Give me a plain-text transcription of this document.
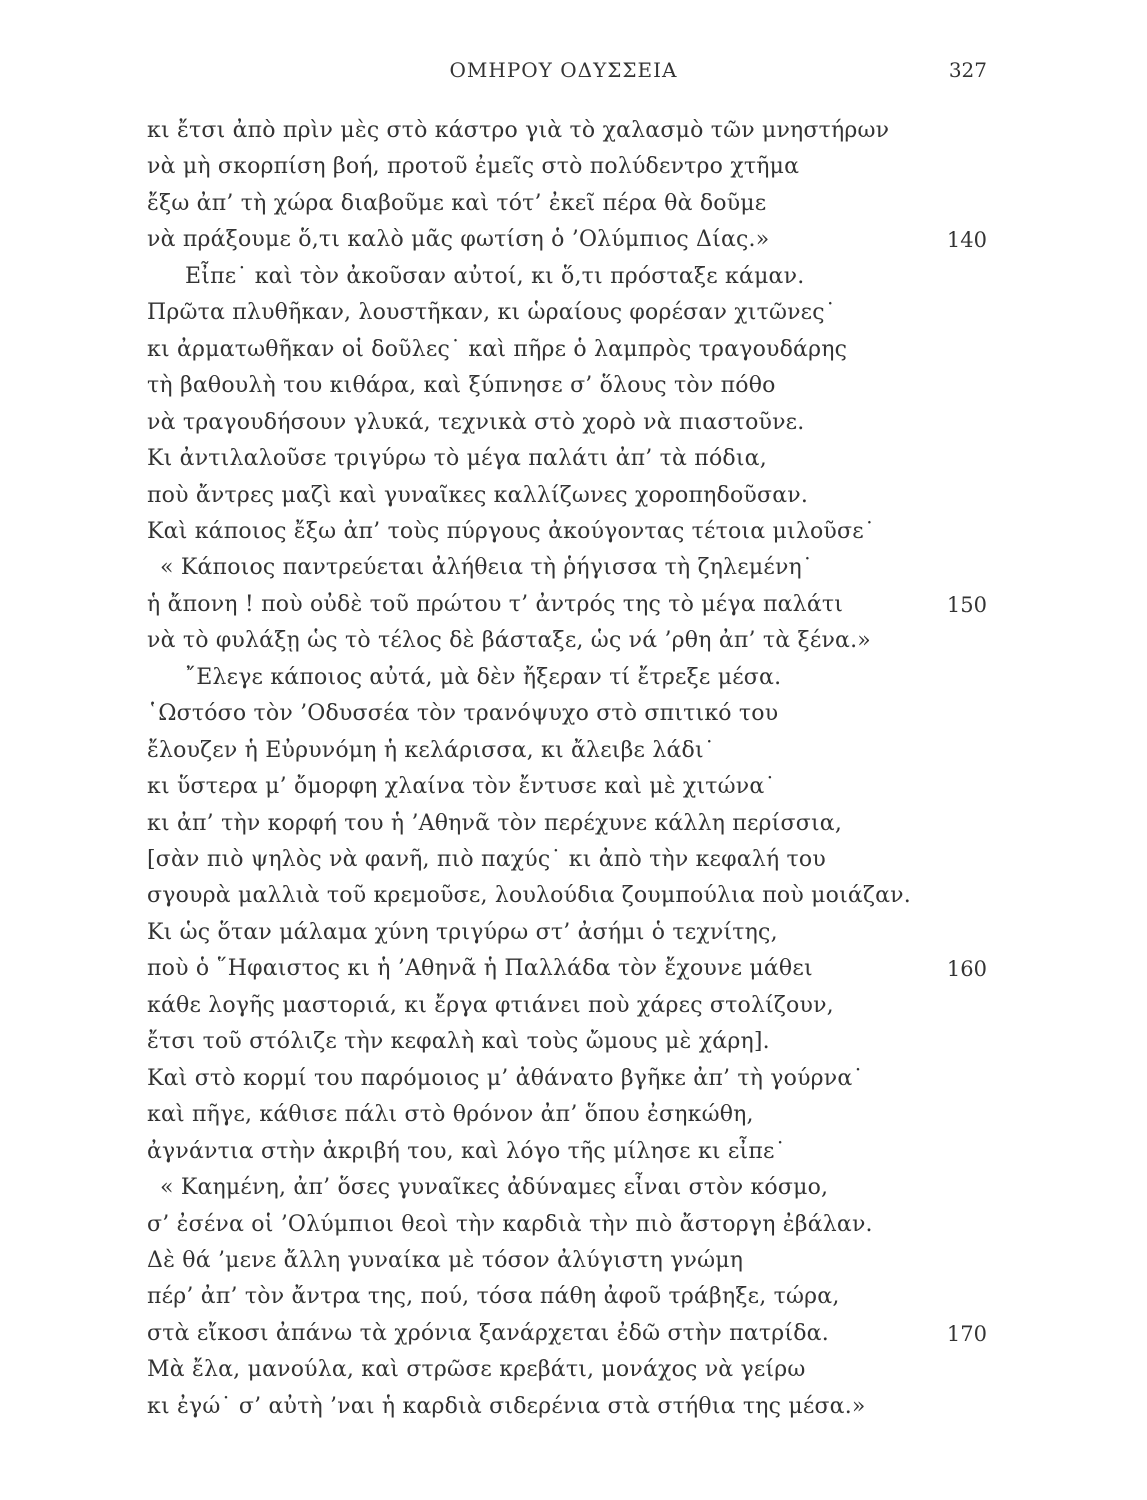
ΟΜΗΡΟΥ ΟΔΥΣΣΕΙΑ	327
κι ἔτσι ἀπὸ πρὶν μὲς στὸ κάστρο γιὰ τὸ χαλασμὸ τῶν μνηστήρων
νὰ μὴ σκορπίση βοή, προτοῦ ἐμεῖς στὸ πολύδεντρο χτῆμα
ἔξω ἀπ’ τὴ χώρα διαβοῦμε καὶ τότ’ ἐκεῖ πέρα θὰ δοῦμε
νὰ πράξουμε ὅ,τι καλὸ μᾶς φωτίση ὁ ’Ολύμπιος Δίας.»	140
Εἶπε˙ καὶ τὸν ἀκοῦσαν αὐτοί, κι ὅ,τι πρόσταξε κάμαν.
Πρῶτα πλυθῆκαν, λουστῆκαν, κι ὡραίους φορέσαν χιτῶνες˙
κι ἀρματωθῆκαν οἱ δοῦλες˙ καὶ πῆρε ὁ λαμπρὸς τραγουδάρης
τὴ βαθουλὴ του κιθάρα, καὶ ξύπνησε σ’ ὅλους τὸν πόθο
νὰ τραγουδήσουν γλυκά, τεχνικὰ στὸ χορὸ νὰ πιαστοῦνε.
Κι ἀντιλαλοῦσε τριγύρω τὸ μέγα παλάτι ἀπ’ τὰ πόδια,
ποὺ ἄντρες μαζὶ καὶ γυναῖκες καλλίζωνες χοροπηδοῦσαν.
Καὶ κάποιος ἔξω ἀπ’ τοὺς πύργους ἀκούγοντας τέτοια μιλοῦσε˙
« Κάποιος παντρεύεται ἀλήθεια τὴ ῥήγισσα τὴ ζηλεμένη˙
ἡ ἄπονη ! ποὺ οὐδὲ τοῦ πρώτου τ’ ἀντρός της τὸ μέγα παλάτι	150
νὰ τὸ φυλάξῃ ὡς τὸ τέλος δὲ βάσταξε, ὡς νά ’ρθη ἀπ’ τὰ ξένα.»
῎Ελεγε κάποιος αὐτά, μὰ δὲν ἤξεραν τί ἔτρεξε μέσα.
῾Ωστόσο τὸν ’Οδυσσέα τὸν τρανόψυχο στὸ σπιτικό του
ἔλουζεν ἡ Εὐρυνόμη ἡ κελάρισσα, κι ἄλειβε λάδι˙
κι ὕστερα μ’ ὄμορφη χλαίνα τὸν ἔντυσε καὶ μὲ χιτώνα˙
κι ἀπ’ τὴν κορφή του ἡ ’Αθηνᾶ τὸν περέχυνε κάλλη περίσσια,
[σὰν πιὸ ψηλὸς νὰ φανῆ, πιὸ παχύς˙ κι ἀπὸ τὴν κεφαλή του
σγουρὰ μαλλιὰ τοῦ κρεμοῦσε, λουλούδια ζουμπούλια ποὺ μοιάζαν.
Κι ὡς ὅταν μάλαμα χύνη τριγύρω στ’ ἀσήμι ὁ τεχνίτης,
ποὺ ὁ ῞Ηφαιστος κι ἡ ’Αθηνᾶ ἡ Παλλάδα τὸν ἔχουνε μάθει	160
κάθε λογῆς μαστοριά, κι ἔργα φτιάνει ποὺ χάρες στολίζουν,
ἔτσι τοῦ στόλιζε τὴν κεφαλὴ καὶ τοὺς ὤμους μὲ χάρη].
Καὶ στὸ κορμί του παρόμοιος μ’ ἀθάνατο βγῆκε ἀπ’ τὴ γούρνα˙
καὶ πῆγε, κάθισε πάλι στὸ θρόνον ἀπ’ ὅπου ἐσηκώθη,
ἀγνάντια στὴν ἀκριβή του, καὶ λόγο τῆς μίλησε κι εἶπε˙
« Καημένη, ἀπ’ ὅσες γυναῖκες ἀδύναμες εἶναι στὸν κόσμο,
σ’ ἐσένα οἱ ’Ολύμπιοι θεοὶ τὴν καρδιὰ τὴν πιὸ ἄστοργη ἐβάλαν.
Δὲ θά ’μενε ἄλλη γυναίκα μὲ τόσον ἀλύγιστη γνώμη
πέρ’ ἀπ’ τὸν ἄντρα της, πού, τόσα πάθη ἀφοῦ τράβηξε, τώρα,
στὰ εἴκοσι ἀπάνω τὰ χρόνια ξανάρχεται ἐδῶ στὴν πατρίδα.	170
Μὰ ἔλα, μανούλα, καὶ στρῶσε κρεβάτι, μονάχος νὰ γείρω
κι ἐγώ˙ σ’ αὐτὴ ’ναι ἡ καρδιὰ σιδερένια στὰ στήθια της μέσα.»
